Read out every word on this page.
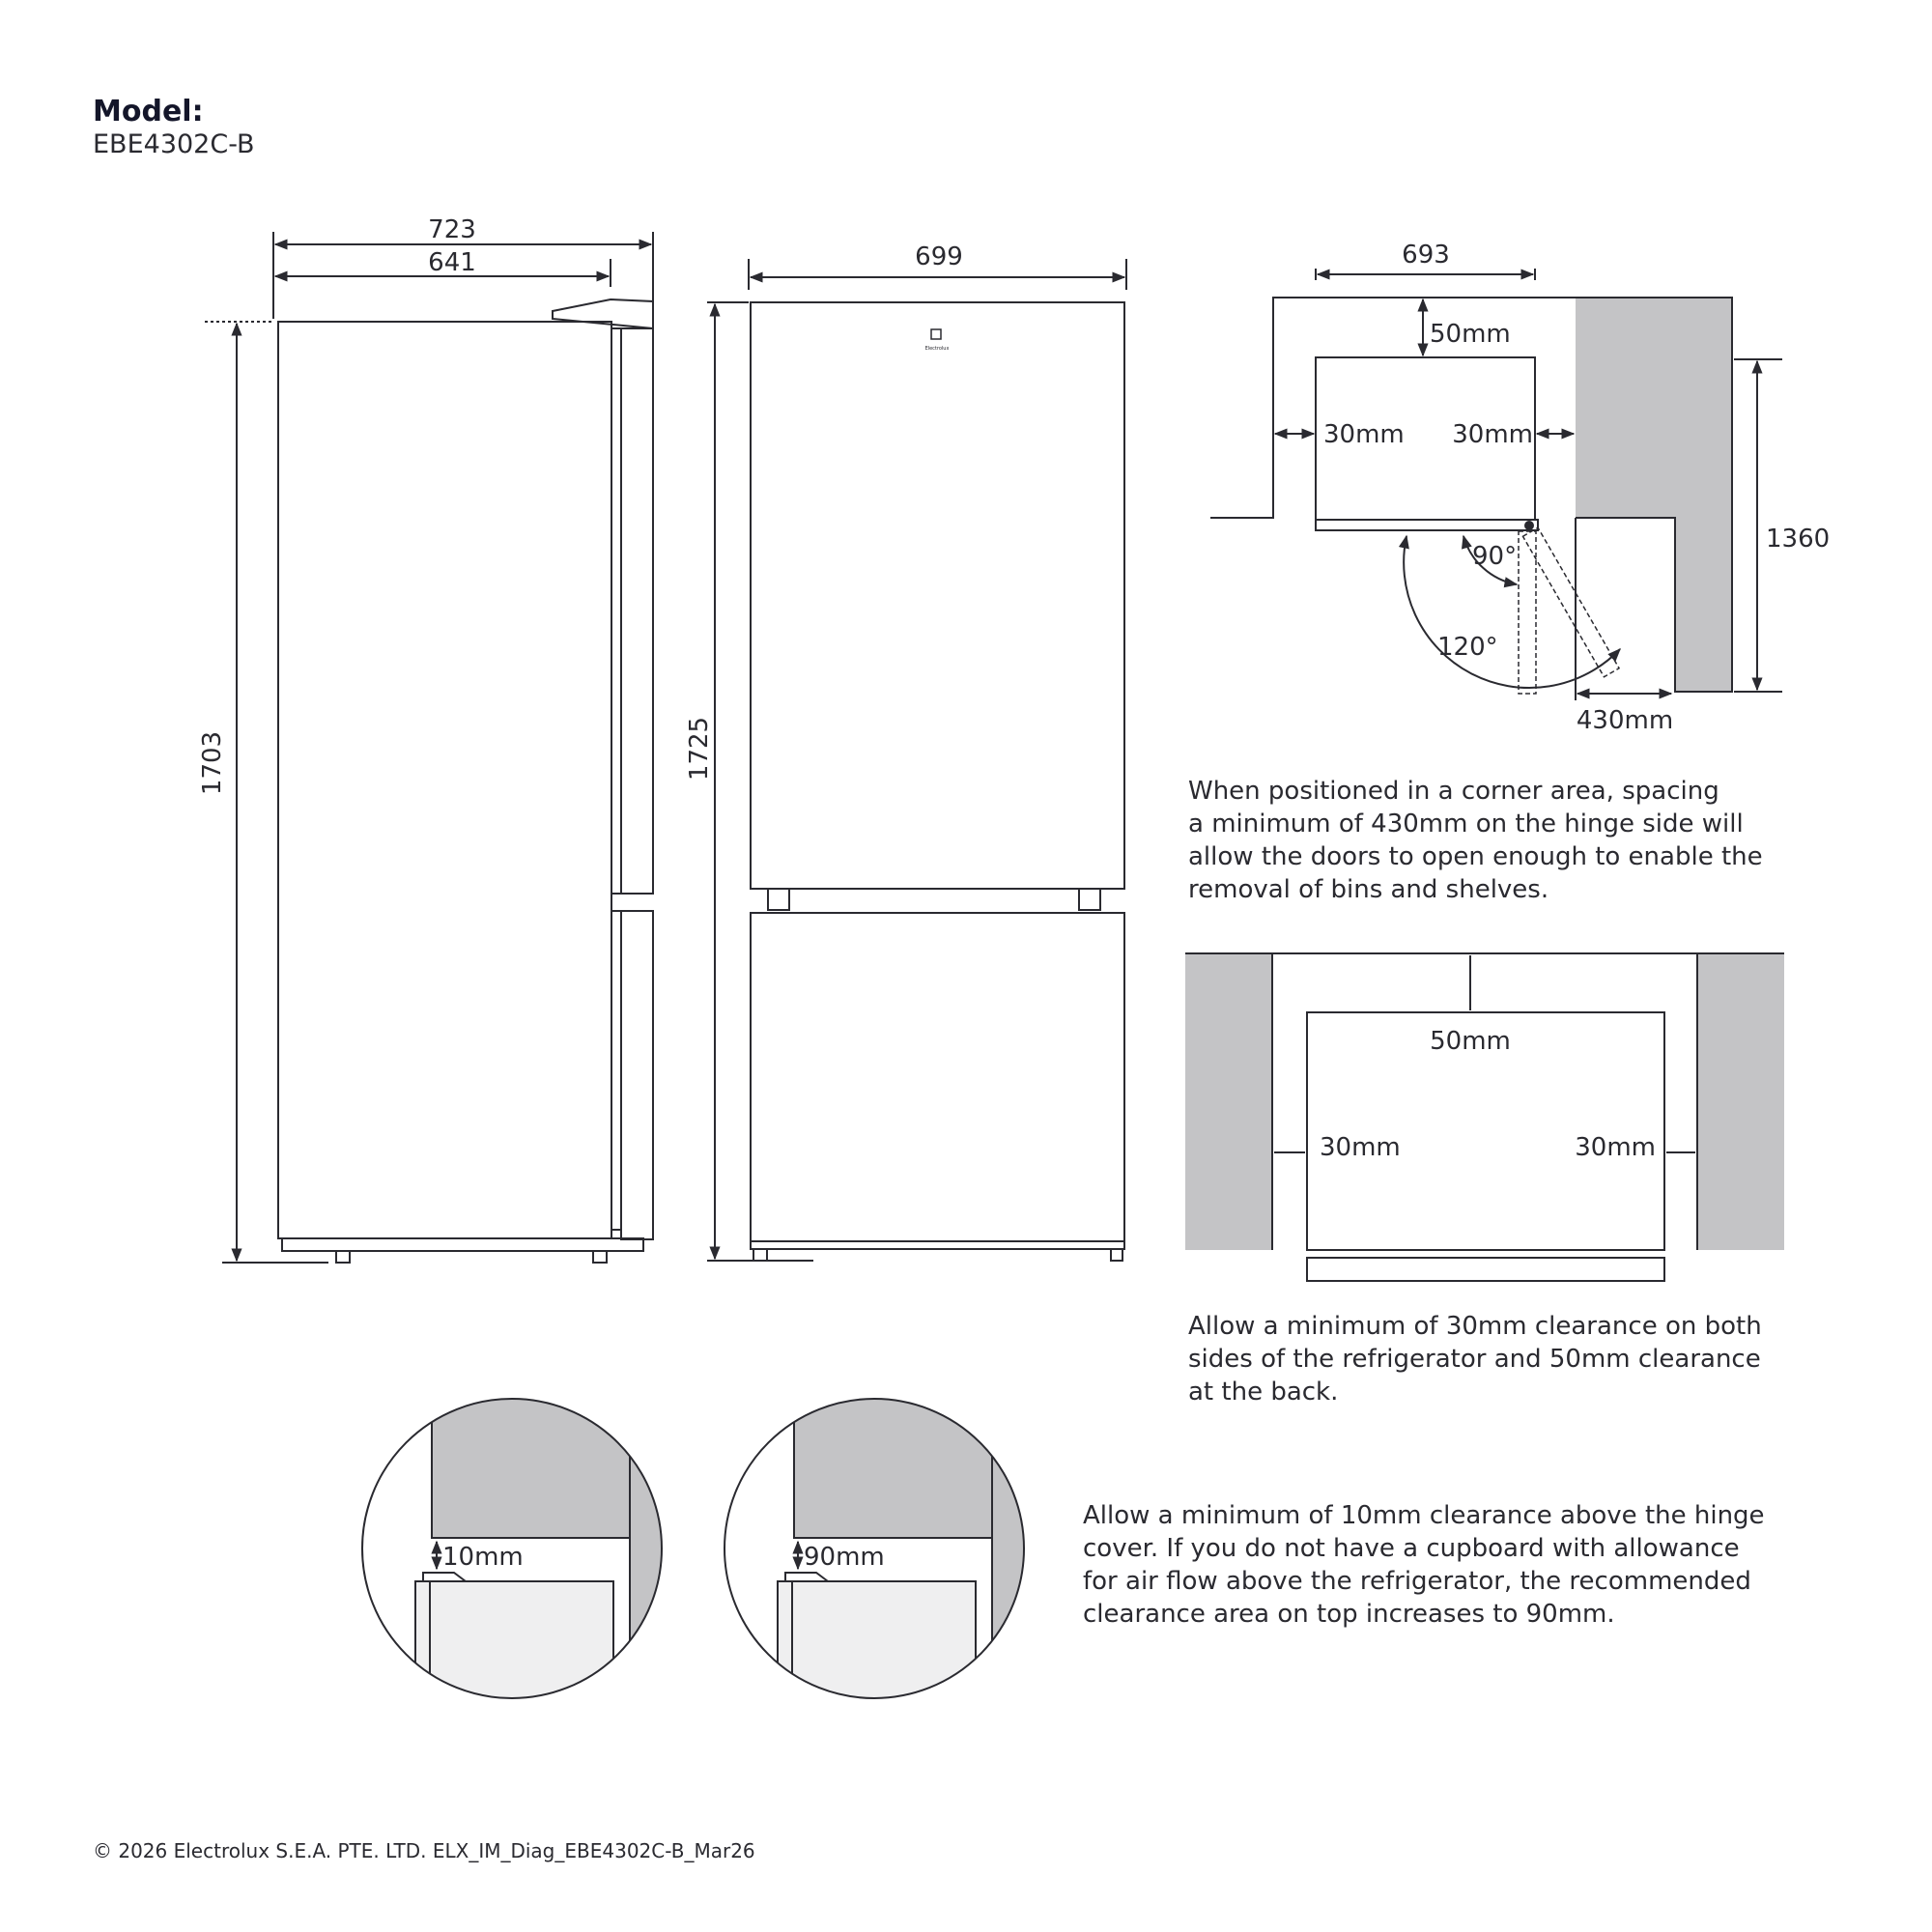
Model:
EBE4302C-B
723
641
1703
699
1725
Electrolux
693
50mm
30mm 30mm
90°
120°
430mm
1360
50mm
30mm	30mm
10mm	90mm
When positioned in a corner area, spacing
a minimum of 430mm on the hinge side will
allow the doors to open enough to enable the
removal of bins and shelves.
Allow a minimum of 30mm clearance on both
sides of the refrigerator and 50mm clearance
at the back.
Allow a minimum of 10mm clearance above the hinge
cover. If you do not have a cupboard with allowance
for air flow above the refrigerator, the recommended
clearance area on top increases to 90mm.
© 2026 Electrolux S.E.A. PTE. LTD. ELX_IM_Diag_EBE4302C-B_Mar26
